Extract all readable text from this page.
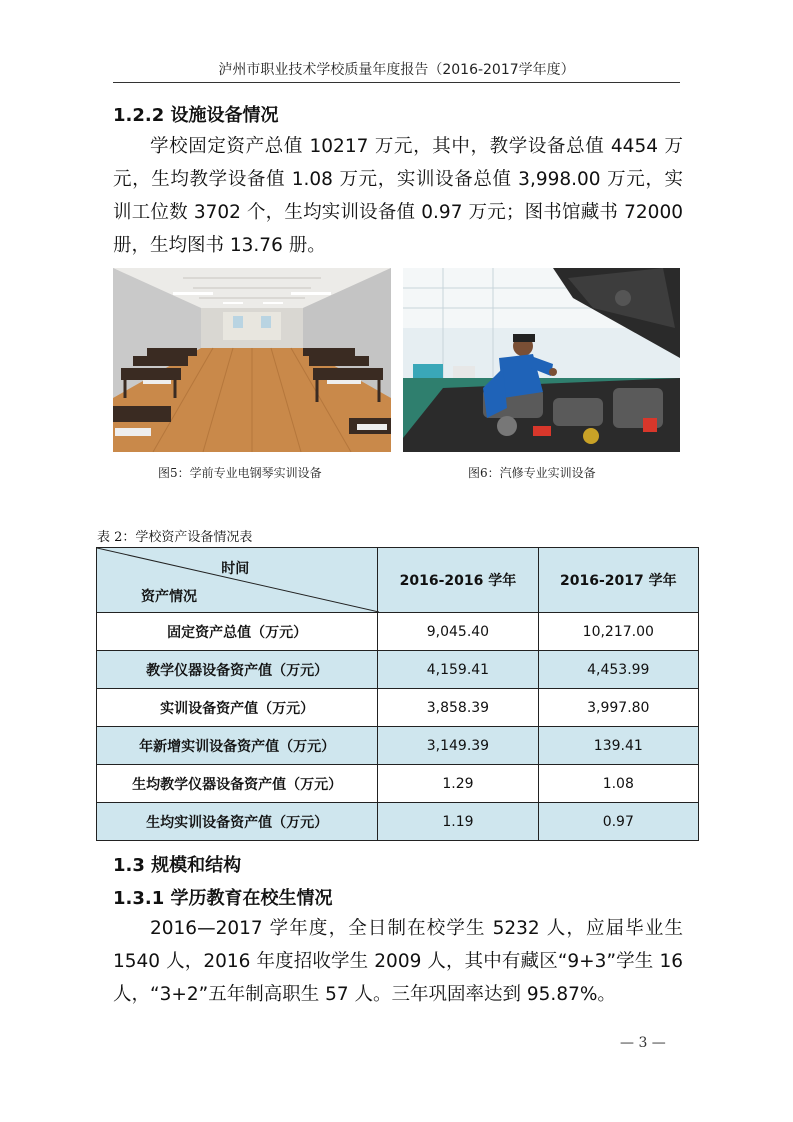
泸州市职业技术学校质量年度报告（2016-2017学年度）
1.2.2 设施设备情况

学校固定资产总值 10217 万元，其中，教学设备总值 4454 万元，生均教学设备值 1.08 万元，实训设备总值 3,998.00 万元，实训工位数 3702 个，生均实训设备值 0.97 万元；图书馆藏书 72000 册，生均图书 13.76 册。

图5：学前专业电钢琴实训设备	图6：汽修专业实训设备
表 2：学校资产设备情况表
时间
资产情况	2016-2016 学年	2016-2017 学年
固定资产总值（万元）	9,045.40	10,217.00
教学仪器设备资产值（万元）	4,159.41	4,453.99
实训设备资产值（万元）	3,858.39	3,997.80
年新增实训设备资产值（万元）	3,149.39	139.41
生均教学仪器设备资产值（万元）	1.29	1.08
生均实训设备资产值（万元）	1.19	0.97
1.3 规模和结构
1.3.1 学历教育在校生情况

2016—2017 学年度，全日制在校学生 5232 人，应届毕业生 1540 人，2016 年度招收学生 2009 人，其中有藏区“9+3”学生 16 人，“3+2”五年制高职生 57 人。三年巩固率达到 95.87%。

— 3 —
